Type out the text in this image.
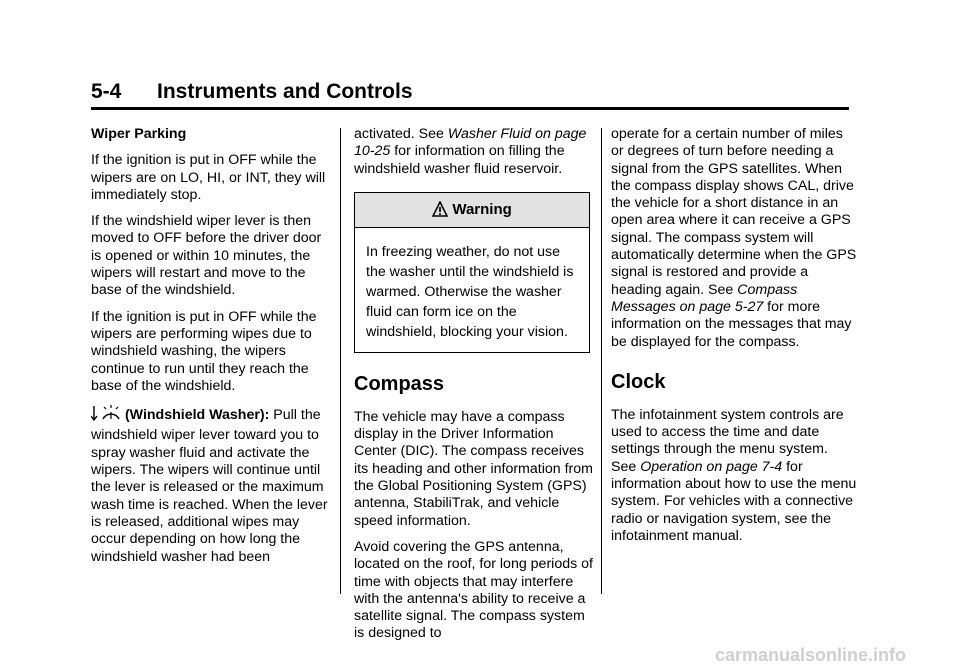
5-4 Instruments and Controls

Wiper Parking

If the ignition is put in OFF while the wipers are on LO, HI, or INT, they will immediately stop.

If the windshield wiper lever is then moved to OFF before the driver door is opened or within 10 minutes, the wipers will restart and move to the base of the windshield.

If the ignition is put in OFF while the wipers are performing wipes due to windshield washing, the wipers continue to run until they reach the base of the windshield.

(Windshield Washer): Pull the windshield wiper lever toward you to spray washer fluid and activate the wipers. The wipers will continue until the lever is released or the maximum wash time is reached. When the lever is released, additional wipes may occur depending on how long the windshield washer had been

activated. See Washer Fluid on page 10-25 for information on filling the windshield washer fluid reservoir.

Warning
In freezing weather, do not use the washer until the windshield is warmed. Otherwise the washer fluid can form ice on the windshield, blocking your vision.
Compass

The vehicle may have a compass display in the Driver Information Center (DIC). The compass receives its heading and other information from the Global Positioning System (GPS) antenna, StabiliTrak, and vehicle speed information.

Avoid covering the GPS antenna, located on the roof, for long periods of time with objects that may interfere with the antenna's ability to receive a satellite signal. The compass system is designed to

operate for a certain number of miles or degrees of turn before needing a signal from the GPS satellites. When the compass display shows CAL, drive the vehicle for a short distance in an open area where it can receive a GPS signal. The compass system will automatically determine when the GPS signal is restored and provide a heading again. See Compass Messages on page 5-27 for more information on the messages that may be displayed for the compass.

Clock

The infotainment system controls are used to access the time and date settings through the menu system. See Operation on page 7-4 for information about how to use the menu system. For vehicles with a connective radio or navigation system, see the infotainment manual.

carmanualsonline.info
